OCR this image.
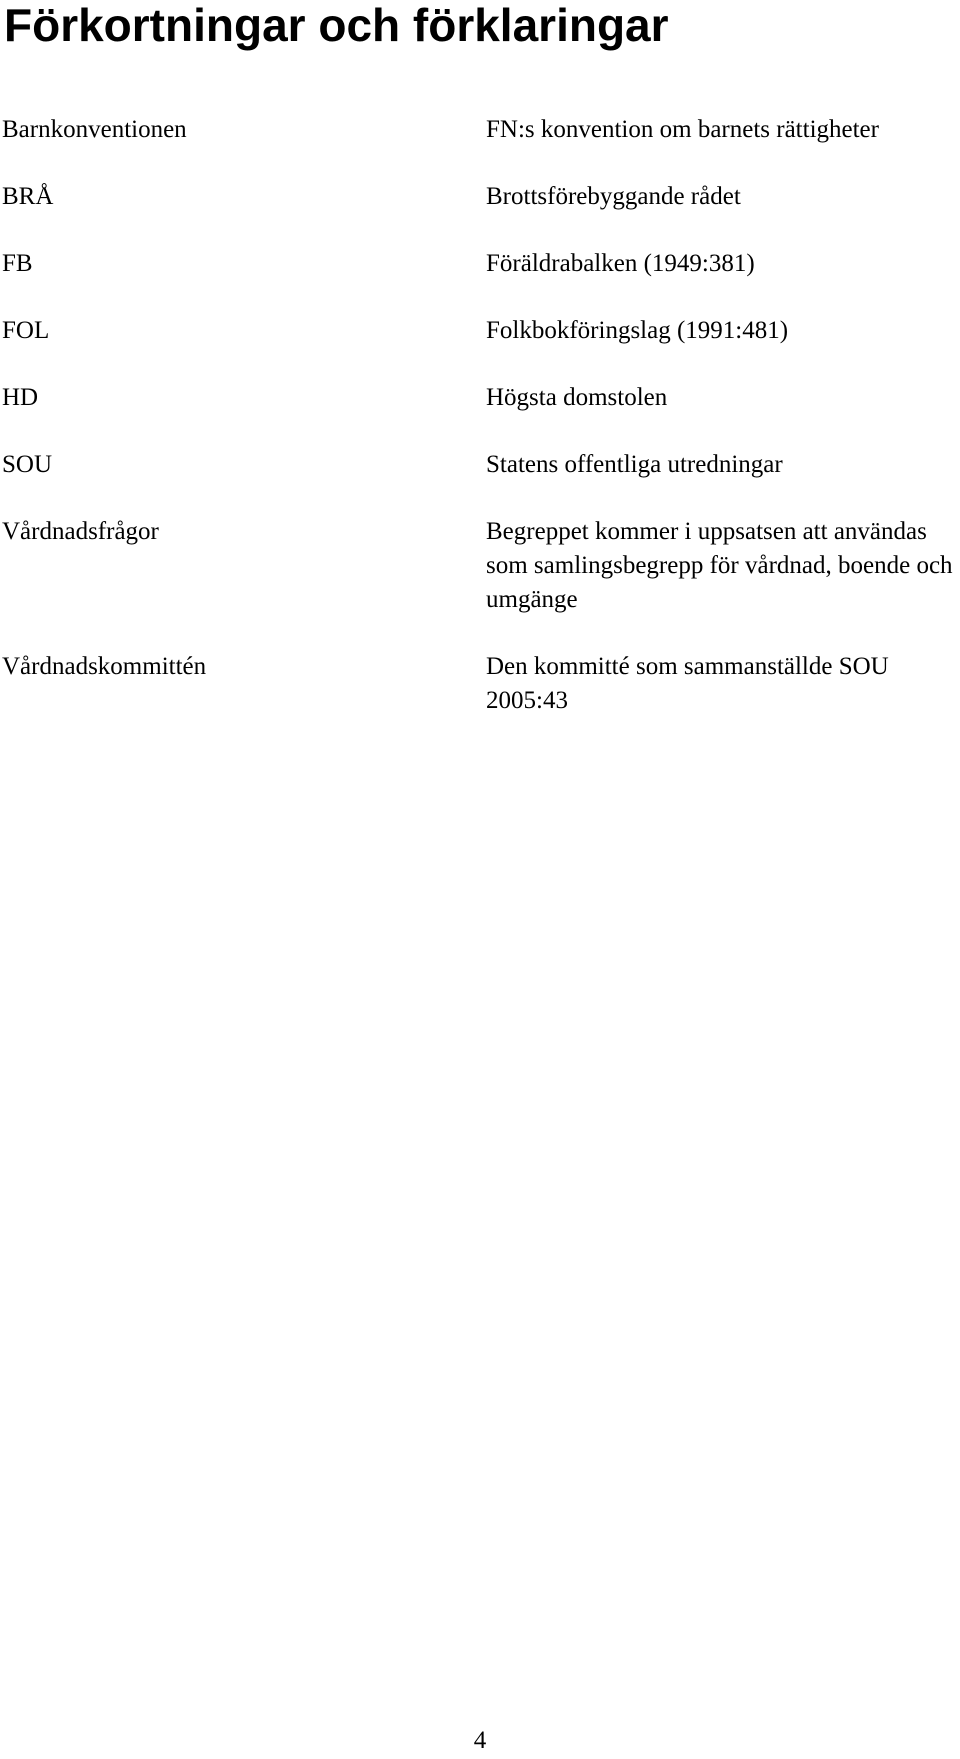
Förkortningar och förklaringar
Barnkonventionen	FN:s konvention om barnets rättigheter
BRÅ	Brottsförebyggande rådet
FB	Föräldrabalken (1949:381)
FOL	Folkbokföringslag (1991:481)
HD	Högsta domstolen
SOU	Statens offentliga utredningar
Vårdnadsfrågor	Begreppet kommer i uppsatsen att användas som samlingsbegrepp för vårdnad, boende och umgänge
Vårdnadskommittén	Den kommitté som sammanställde SOU 2005:43
4
